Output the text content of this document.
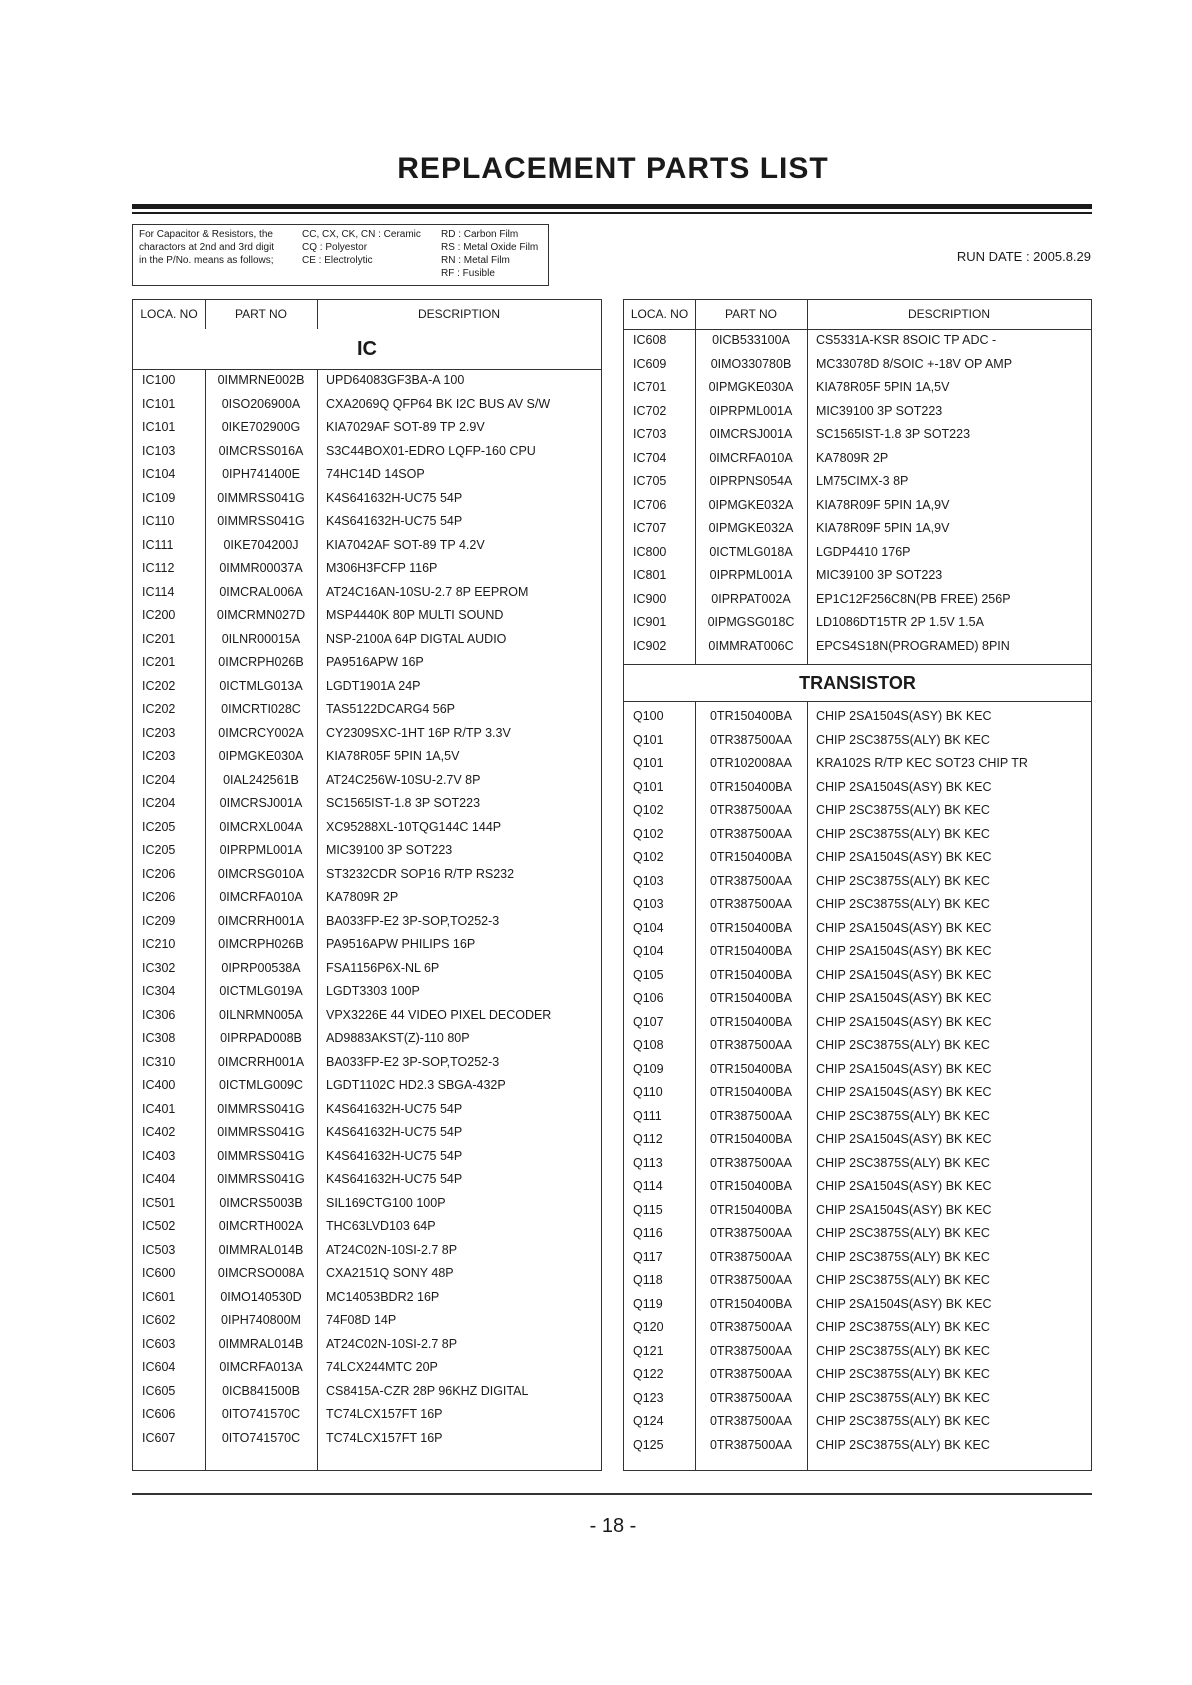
REPLACEMENT PARTS LIST
For Capacitor & Resistors, the
charactors at 2nd and 3rd digit
in the P/No. means as follows;
CC, CX, CK, CN : Ceramic
CQ : Polyestor
CE : Electrolytic
RD : Carbon Film
RS : Metal Oxide Film
RN : Metal Film
RF : Fusible
RUN DATE : 2005.8.29
LOCA. NO	PART NO	DESCRIPTION
IC
IC100	0IMMRNE002B	UPD64083GF3BA-A 100
IC101	0ISO206900A	CXA2069Q QFP64 BK I2C BUS AV S/W
IC101	0IKE702900G	KIA7029AF SOT-89 TP 2.9V
IC103	0IMCRSS016A	S3C44BOX01-EDRO LQFP-160 CPU
IC104	0IPH741400E	74HC14D 14SOP
IC109	0IMMRSS041G	K4S641632H-UC75 54P
IC110	0IMMRSS041G	K4S641632H-UC75 54P
IC111	0IKE704200J	KIA7042AF SOT-89 TP 4.2V
IC112	0IMMR00037A	M306H3FCFP 116P
IC114	0IMCRAL006A	AT24C16AN-10SU-2.7 8P EEPROM
IC200	0IMCRMN027D	MSP4440K 80P MULTI SOUND
IC201	0ILNR00015A	NSP-2100A 64P DIGTAL AUDIO
IC201	0IMCRPH026B	PA9516APW 16P
IC202	0ICTMLG013A	LGDT1901A 24P
IC202	0IMCRTI028C	TAS5122DCARG4 56P
IC203	0IMCRCY002A	CY2309SXC-1HT 16P R/TP 3.3V
IC203	0IPMGKE030A	KIA78R05F 5PIN 1A,5V
IC204	0IAL242561B	AT24C256W-10SU-2.7V 8P
IC204	0IMCRSJ001A	SC1565IST-1.8 3P SOT223
IC205	0IMCRXL004A	XC95288XL-10TQG144C 144P
IC205	0IPRPML001A	MIC39100 3P SOT223
IC206	0IMCRSG010A	ST3232CDR SOP16 R/TP RS232
IC206	0IMCRFA010A	KA7809R 2P
IC209	0IMCRRH001A	BA033FP-E2 3P-SOP,TO252-3
IC210	0IMCRPH026B	PA9516APW PHILIPS 16P
IC302	0IPRP00538A	FSA1156P6X-NL 6P
IC304	0ICTMLG019A	LGDT3303 100P
IC306	0ILNRMN005A	VPX3226E 44 VIDEO PIXEL DECODER
IC308	0IPRPAD008B	AD9883AKST(Z)-110 80P
IC310	0IMCRRH001A	BA033FP-E2 3P-SOP,TO252-3
IC400	0ICTMLG009C	LGDT1102C HD2.3 SBGA-432P
IC401	0IMMRSS041G	K4S641632H-UC75 54P
IC402	0IMMRSS041G	K4S641632H-UC75 54P
IC403	0IMMRSS041G	K4S641632H-UC75 54P
IC404	0IMMRSS041G	K4S641632H-UC75 54P
IC501	0IMCRS5003B	SIL169CTG100 100P
IC502	0IMCRTH002A	THC63LVD103 64P
IC503	0IMMRAL014B	AT24C02N-10SI-2.7 8P
IC600	0IMCRSO008A	CXA2151Q SONY 48P
IC601	0IMO140530D	MC14053BDR2 16P
IC602	0IPH740800M	74F08D 14P
IC603	0IMMRAL014B	AT24C02N-10SI-2.7 8P
IC604	0IMCRFA013A	74LCX244MTC 20P
IC605	0ICB841500B	CS8415A-CZR 28P 96KHZ DIGITAL
IC606	0ITO741570C	TC74LCX157FT 16P
IC607	0ITO741570C	TC74LCX157FT 16P
LOCA. NO	PART NO	DESCRIPTION
IC608	0ICB533100A	CS5331A-KSR 8SOIC TP ADC -
IC609	0IMO330780B	MC33078D 8/SOIC +-18V OP AMP
IC701	0IPMGKE030A	KIA78R05F 5PIN 1A,5V
IC702	0IPRPML001A	MIC39100 3P SOT223
IC703	0IMCRSJ001A	SC1565IST-1.8 3P SOT223
IC704	0IMCRFA010A	KA7809R 2P
IC705	0IPRPNS054A	LM75CIMX-3 8P
IC706	0IPMGKE032A	KIA78R09F 5PIN 1A,9V
IC707	0IPMGKE032A	KIA78R09F 5PIN 1A,9V
IC800	0ICTMLG018A	LGDP4410 176P
IC801	0IPRPML001A	MIC39100 3P SOT223
IC900	0IPRPAT002A	EP1C12F256C8N(PB FREE) 256P
IC901	0IPMGSG018C	LD1086DT15TR 2P 1.5V 1.5A
IC902	0IMMRAT006C	EPCS4S18N(PROGRAMED) 8PIN
TRANSISTOR
Q100	0TR150400BA	CHIP 2SA1504S(ASY) BK KEC
Q101	0TR387500AA	CHIP 2SC3875S(ALY) BK KEC
Q101	0TR102008AA	KRA102S R/TP KEC SOT23 CHIP TR
Q101	0TR150400BA	CHIP 2SA1504S(ASY) BK KEC
Q102	0TR387500AA	CHIP 2SC3875S(ALY) BK KEC
Q102	0TR387500AA	CHIP 2SC3875S(ALY) BK KEC
Q102	0TR150400BA	CHIP 2SA1504S(ASY) BK KEC
Q103	0TR387500AA	CHIP 2SC3875S(ALY) BK KEC
Q103	0TR387500AA	CHIP 2SC3875S(ALY) BK KEC
Q104	0TR150400BA	CHIP 2SA1504S(ASY) BK KEC
Q104	0TR150400BA	CHIP 2SA1504S(ASY) BK KEC
Q105	0TR150400BA	CHIP 2SA1504S(ASY) BK KEC
Q106	0TR150400BA	CHIP 2SA1504S(ASY) BK KEC
Q107	0TR150400BA	CHIP 2SA1504S(ASY) BK KEC
Q108	0TR387500AA	CHIP 2SC3875S(ALY) BK KEC
Q109	0TR150400BA	CHIP 2SA1504S(ASY) BK KEC
Q110	0TR150400BA	CHIP 2SA1504S(ASY) BK KEC
Q111	0TR387500AA	CHIP 2SC3875S(ALY) BK KEC
Q112	0TR150400BA	CHIP 2SA1504S(ASY) BK KEC
Q113	0TR387500AA	CHIP 2SC3875S(ALY) BK KEC
Q114	0TR150400BA	CHIP 2SA1504S(ASY) BK KEC
Q115	0TR150400BA	CHIP 2SA1504S(ASY) BK KEC
Q116	0TR387500AA	CHIP 2SC3875S(ALY) BK KEC
Q117	0TR387500AA	CHIP 2SC3875S(ALY) BK KEC
Q118	0TR387500AA	CHIP 2SC3875S(ALY) BK KEC
Q119	0TR150400BA	CHIP 2SA1504S(ASY) BK KEC
Q120	0TR387500AA	CHIP 2SC3875S(ALY) BK KEC
Q121	0TR387500AA	CHIP 2SC3875S(ALY) BK KEC
Q122	0TR387500AA	CHIP 2SC3875S(ALY) BK KEC
Q123	0TR387500AA	CHIP 2SC3875S(ALY) BK KEC
Q124	0TR387500AA	CHIP 2SC3875S(ALY) BK KEC
Q125	0TR387500AA	CHIP 2SC3875S(ALY) BK KEC
- 18 -
